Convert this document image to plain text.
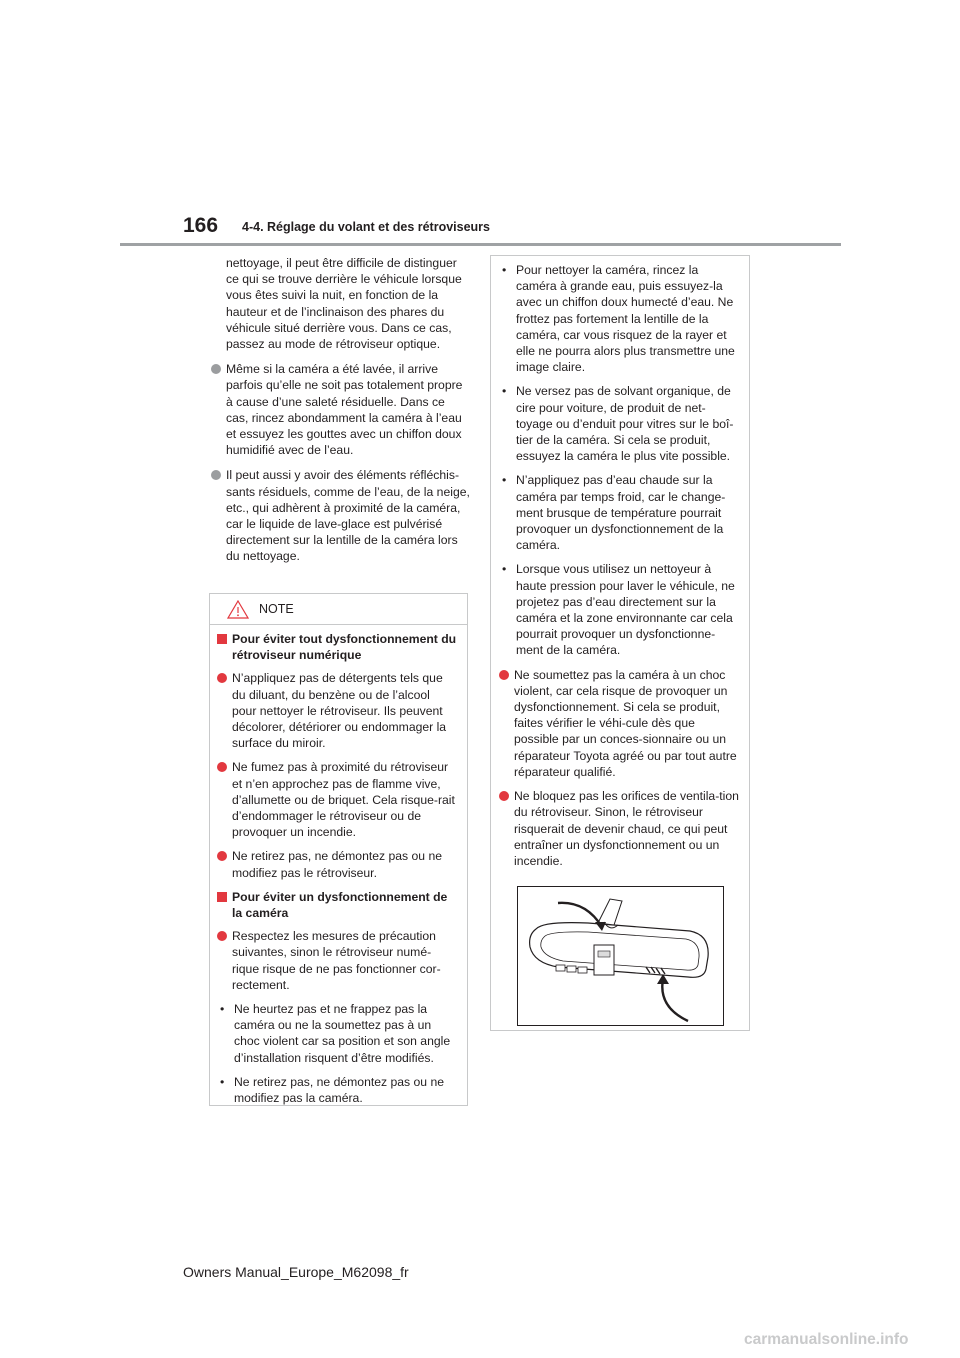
166 4-4. Réglage du volant et des rétroviseurs

nettoyage, il peut être difficile de distinguer ce qui se trouve derrière le véhicule lorsque vous êtes suivi la nuit, en fonction de la hauteur et de l’inclinaison des phares du véhicule situé derrière vous. Dans ce cas, passez au mode de rétroviseur optique.

Même si la caméra a été lavée, il arrive parfois qu’elle ne soit pas totalement propre à cause d’une saleté résiduelle. Dans ce cas, rincez abondamment la caméra à l’eau et essuyez les gouttes avec un chiffon doux humidifié avec de l’eau.
Il peut aussi y avoir des éléments réfléchis-sants résiduels, comme de l’eau, de la neige, etc., qui adhèrent à proximité de la caméra, car le liquide de lave-glace est pulvérisé directement sur la lentille de la caméra lors du nettoyage.
NOTE
Pour éviter tout dysfonctionnement du rétroviseur numérique
N’appliquez pas de détergents tels que du diluant, du benzène ou de l’alcool pour nettoyer le rétroviseur. Ils peuvent décolorer, détériorer ou endommager la surface du miroir.
Ne fumez pas à proximité du rétroviseur et n’en approchez pas de flamme vive, d’allumette ou de briquet. Cela risque-rait d’endommager le rétroviseur ou de provoquer un incendie.
Ne retirez pas, ne démontez pas ou ne modifiez pas le rétroviseur.
Pour éviter un dysfonctionnement de la caméra
Respectez les mesures de précaution suivantes, sinon le rétroviseur numé-rique risque de ne pas fonctionner cor-rectement.
• Ne heurtez pas et ne frappez pas la caméra ou ne la soumettez pas à un choc violent car sa position et son angle d’installation risquent d’être modifiés.
• Ne retirez pas, ne démontez pas ou ne modifiez pas la caméra.
• Pour nettoyer la caméra, rincez la caméra à grande eau, puis essuyez-la avec un chiffon doux humecté d’eau. Ne frottez pas fortement la lentille de la caméra, car vous risquez de la rayer et elle ne pourra alors plus transmettre une image claire.
• Ne versez pas de solvant organique, de cire pour voiture, de produit de net-toyage ou d’enduit pour vitres sur le boî-tier de la caméra. Si cela se produit, essuyez la caméra le plus vite possible.
• N’appliquez pas d’eau chaude sur la caméra par temps froid, car le change-ment brusque de température pourrait provoquer un dysfonctionnement de la caméra.
• Lorsque vous utilisez un nettoyeur à haute pression pour laver le véhicule, ne projetez pas d’eau directement sur la caméra et la zone environnante car cela pourrait provoquer un dysfonctionne-ment de la caméra.
Ne soumettez pas la caméra à un choc violent, car cela risque de provoquer un dysfonctionnement. Si cela se produit, faites vérifier le véhi-cule dès que possible par un conces-sionnaire ou un réparateur Toyota agréé ou par tout autre réparateur qualifié.
Ne bloquez pas les orifices de ventila-tion du rétroviseur. Sinon, le rétroviseur risquerait de devenir chaud, ce qui peut entraîner un dysfonctionnement ou un incendie.
Owners Manual_Europe_M62098_fr
carmanualsonline.info
